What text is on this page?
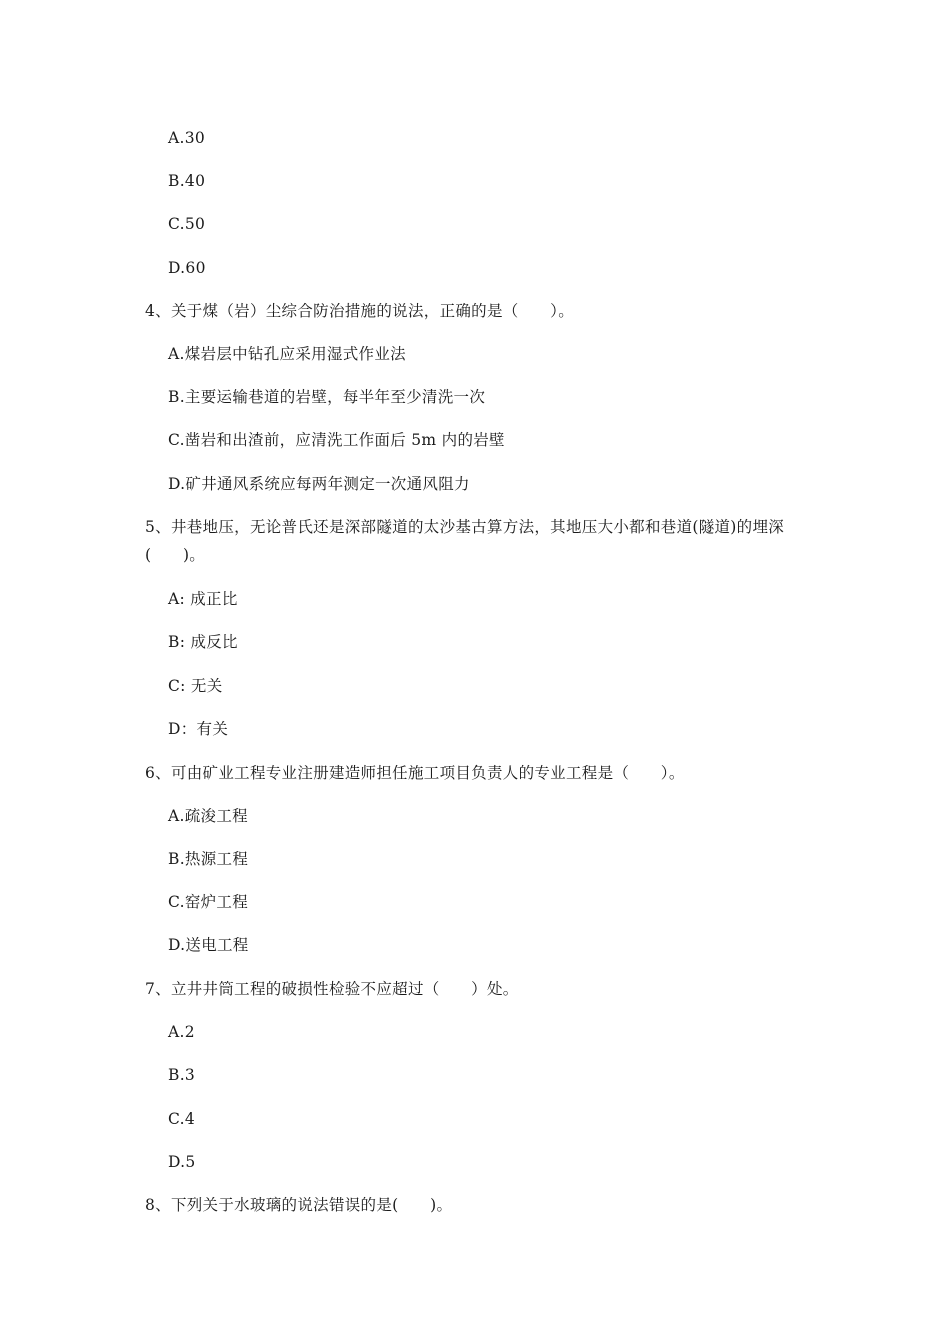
A.30
B.40
C.50
D.60
4、关于煤（岩）尘综合防治措施的说法，正确的是（　　）。
A.煤岩层中钻孔应采用湿式作业法
B.主要运输巷道的岩壁，每半年至少清洗一次
C.凿岩和出渣前，应清洗工作面后 5m 内的岩壁
D.矿井通风系统应每两年测定一次通风阻力
5、井巷地压，无论普氏还是深部隧道的太沙基古算方法，其地压大小都和巷道(隧道)的埋深(　　)。
A: 成正比
B: 成反比
C: 无关
D：有关
6、可由矿业工程专业注册建造师担任施工项目负责人的专业工程是（　　）。
A.疏浚工程
B.热源工程
C.窑炉工程
D.送电工程
7、立井井筒工程的破损性检验不应超过（　　）处。
A.2
B.3
C.4
D.5
8、下列关于水玻璃的说法错误的是(　　)。
